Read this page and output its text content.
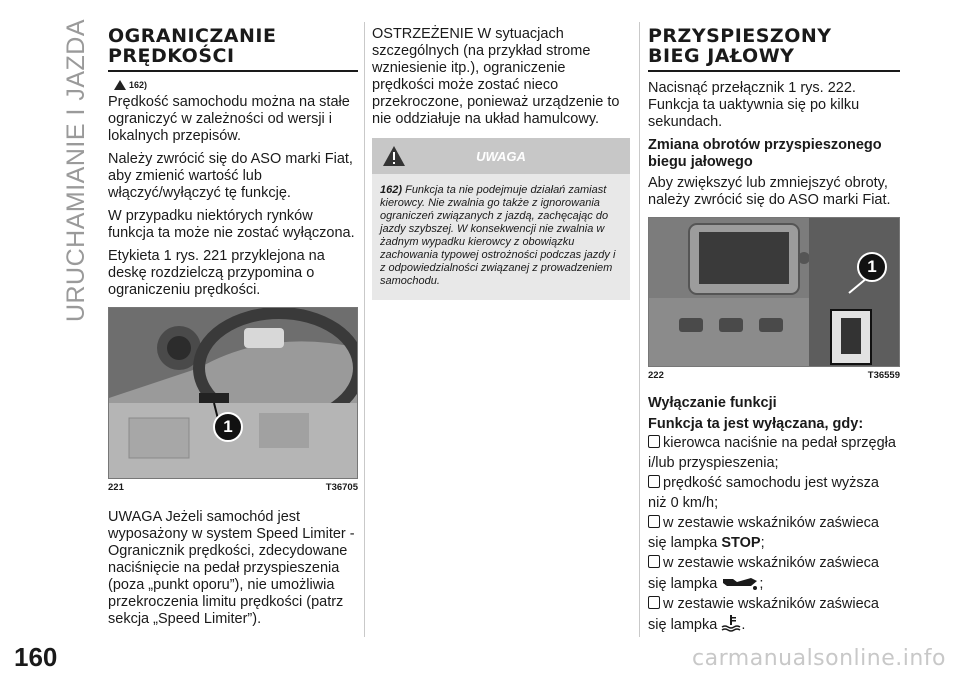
URUCHAMIANIE I JAZDA OGRANICZANIE
PRĘDKOŚCI
162)

Prędkość samochodu można na stałe ograniczyć w zależności od wersji i lokalnych przepisów.

Należy zwrócić się do ASO marki Fiat, aby zmienić wartość lub włączyć/wyłączyć tę funkcję.

W przypadku niektórych rynków funkcja ta może nie zostać wyłączona.

Etykieta 1 rys. 221 przyklejona na deskę rozdzielczą przypomina o ograniczeniu prędkości.

1
221	T36705

UWAGA Jeżeli samochód jest wyposażony w system Speed Limiter - Ogranicznik prędkości, zdecydowane naciśnięcie na pedał przyspieszenia (poza „punkt oporu”), nie umożliwia przekroczenia limitu prędkości (patrz sekcja „Speed Limiter”).

OSTRZEŻENIE W sytuacjach szczególnych (na przykład strome wzniesienie itp.), ograniczenie prędkości może zostać nieco przekroczone, ponieważ urządzenie to nie oddziałuje na układ hamulcowy.

UWAGA
162) Funkcja ta nie podejmuje działań zamiast kierowcy. Nie zwalnia go także z ignorowania ograniczeń związanych z jazdą, zachęcając do jazdy szybszej. W konsekwencji nie zwalnia w żadnym wypadku kierowcy z obowiązku zachowania typowej ostrożności podczas jazdy i z odpowiedzialności związanej z prowadzeniem samochodu.
PRZYSPIESZONY
BIEG JAŁOWY

Nacisnąć przełącznik 1 rys. 222. Funkcja ta uaktywnia się po kilku sekundach.

Zmiana obrotów przyspieszonego biegu jałowego

Aby zwiększyć lub zmniejszyć obroty, należy zwrócić się do ASO marki Fiat.

1
222	T36559
Wyłączanie funkcji
Funkcja ta jest wyłączana, gdy:
kierowca naciśnie na pedał sprzęgła i/lub przyspieszenia;
prędkość samochodu jest wyższa niż 0 km/h;
w zestawie wskaźników zaświeca się lampka STOP;
w zestawie wskaźników zaświeca się lampka	;
w zestawie wskaźników zaświeca się lampka .
160	carmanualsonline.info
